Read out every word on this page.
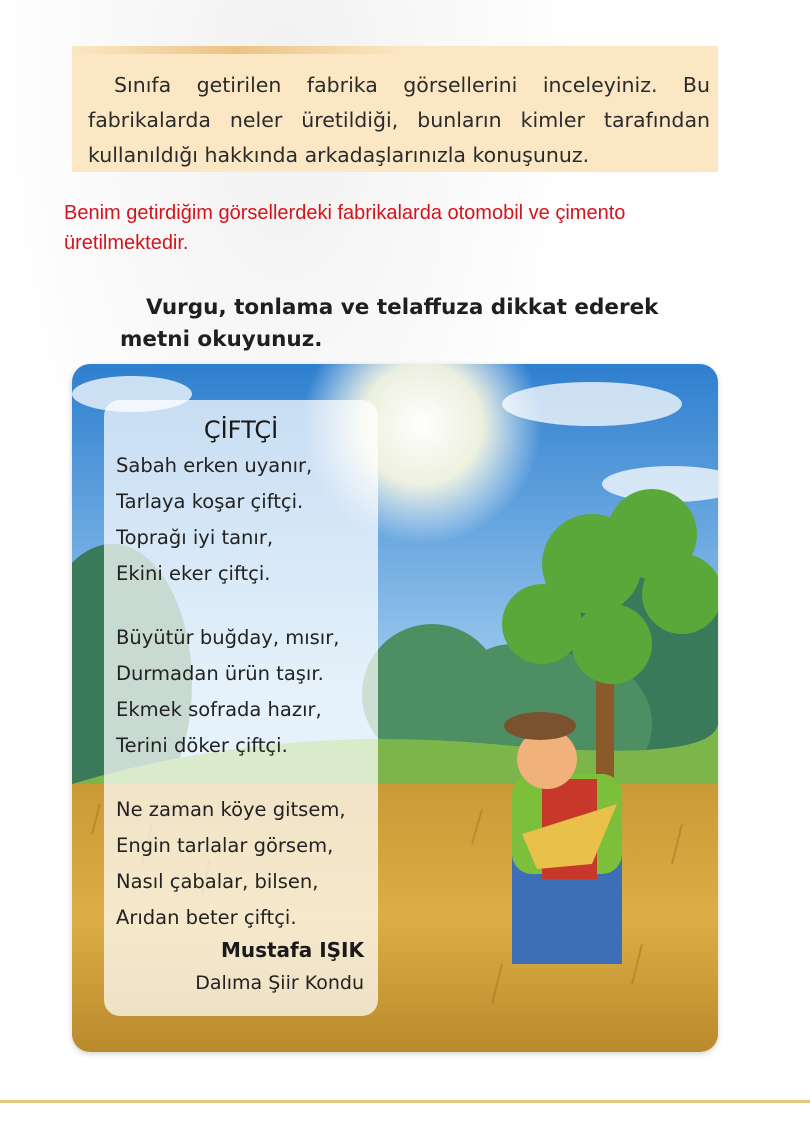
Sınıfa getirilen fabrika görsellerini inceleyiniz. Bu fabrikalarda neler üretildiği, bunların kimler tarafından kullanıldığı hakkında arkadaşlarınızla konuşunuz.

Benim getirdiğim görsellerdeki fabrikalarda otomobil ve çimento üretilmektedir.

Vurgu, tonlama ve telaffuza dikkat ederek metni okuyunuz.

ÇİFTÇİ
Sabah erken uyanır,
Tarlaya koşar çiftçi.
Toprağı iyi tanır,
Ekini eker çiftçi.
Büyütür buğday, mısır,
Durmadan ürün taşır.
Ekmek sofrada hazır,
Terini döker çiftçi.
Ne zaman köye gitsem,
Engin tarlalar görsem,
Nasıl çabalar, bilsen,
Arıdan beter çiftçi.

Mustafa IŞIK

Dalıma Şiir Kondu
